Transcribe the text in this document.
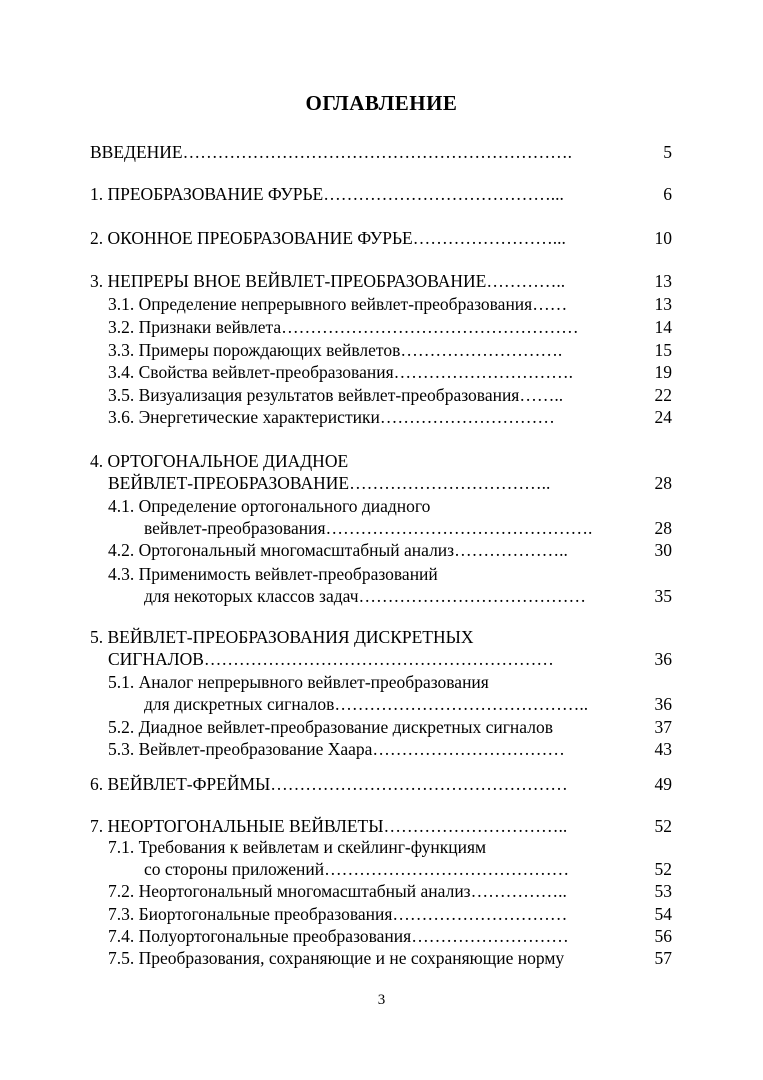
ОГЛАВЛЕНИЕ
ВВЕДЕНИЕ………………………………………………………….	5
1. ПРЕОБРАЗОВАНИЕ ФУРЬЕ…………………………………...	6
2. ОКОННОЕ ПРЕОБРАЗОВАНИЕ ФУРЬЕ……………………...	10
3. НЕПРЕРЫ ВНОЕ ВЕЙВЛЕТ-ПРЕОБРАЗОВАНИЕ…………..	13
3.1. Определение непрерывного вейвлет-преобразования……	13
3.2. Признаки вейвлета……………………………………………	14
3.3. Примеры порождающих вейвлетов……………………….	15
3.4. Свойства вейвлет-преобразования………………………….	19
3.5. Визуализация результатов вейвлет-преобразования……..	22
3.6. Энергетические характеристики…………………………	24
4. ОРТОГОНАЛЬНОЕ ДИАДНОЕ
ВЕЙВЛЕТ-ПРЕОБРАЗОВАНИЕ……………………………..	28
4.1. Определение ортогонального диадного
вейвлет-преобразования……………………………………….	28
4.2. Ортогональный многомасштабный анализ………………..	30
4.3. Применимость вейвлет-преобразований
для некоторых классов задач…………………………………	35
5. ВЕЙВЛЕТ-ПРЕОБРАЗОВАНИЯ ДИСКРЕТНЫХ
СИГНАЛОВ……………………………………………………	36
5.1. Аналог непрерывного вейвлет-преобразования
для дискретных сигналов……………………………………..	36
5.2. Диадное вейвлет-преобразование дискретных сигналов	37
5.3. Вейвлет-преобразование Хаара……………………………	43
6. ВЕЙВЛЕТ-ФРЕЙМЫ……………………………………………	49
7. НЕОРТОГОНАЛЬНЫЕ ВЕЙВЛЕТЫ…………………………..	52
7.1. Требования к вейвлетам и скейлинг-функциям
со стороны приложений……………………………………	52
7.2. Неортогональный многомасштабный анализ……………..	53
7.3. Биортогональные преобразования…………………………	54
7.4. Полуортогональные преобразования………………………	56
7.5. Преобразования, сохраняющие и не сохраняющие норму	57
3
